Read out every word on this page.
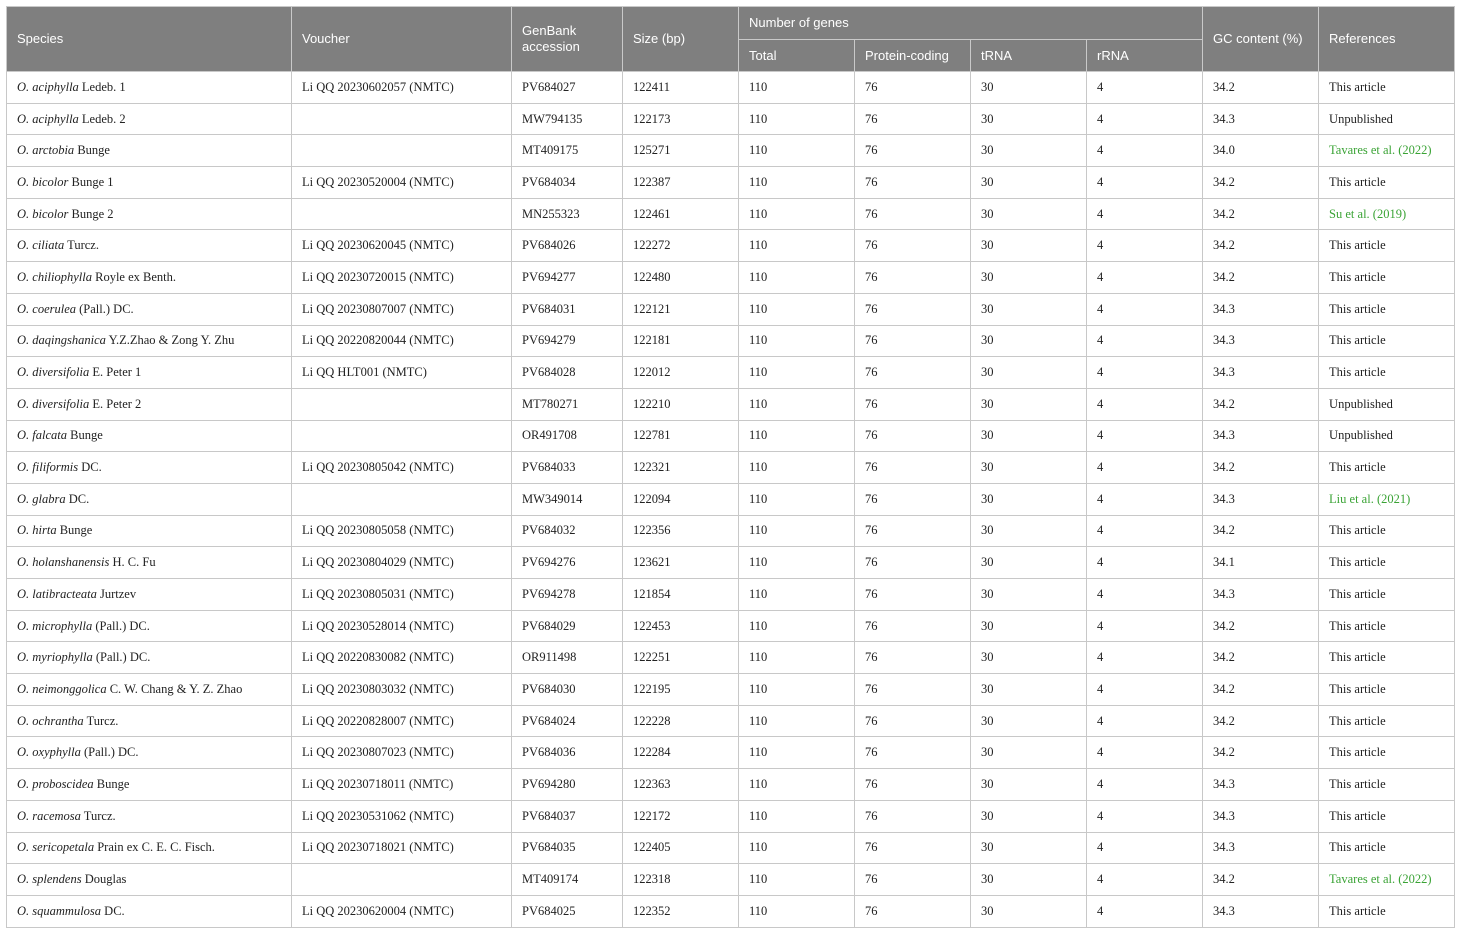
Species	Voucher	GenBank accession	Size (bp)	Number of genes				GC content (%)	References
				Total	Protein-coding	tRNA	rRNA		
O. aciphylla Ledeb. 1	Li QQ 20230602057 (NMTC)	PV684027	122411	110	76	30	4	34.2	This article
O. aciphylla Ledeb. 2		MW794135	122173	110	76	30	4	34.3	Unpublished
O. arctobia Bunge		MT409175	125271	110	76	30	4	34.0	Tavares et al. (2022)
O. bicolor Bunge 1	Li QQ 20230520004 (NMTC)	PV684034	122387	110	76	30	4	34.2	This article
O. bicolor Bunge 2		MN255323	122461	110	76	30	4	34.2	Su et al. (2019)
O. ciliata Turcz.	Li QQ 20230620045 (NMTC)	PV684026	122272	110	76	30	4	34.2	This article
O. chiliophylla Royle ex Benth.	Li QQ 20230720015 (NMTC)	PV694277	122480	110	76	30	4	34.2	This article
O. coerulea (Pall.) DC.	Li QQ 20230807007 (NMTC)	PV684031	122121	110	76	30	4	34.3	This article
O. daqingshanica Y.Z.Zhao & Zong Y. Zhu	Li QQ 20220820044 (NMTC)	PV694279	122181	110	76	30	4	34.3	This article
O. diversifolia E. Peter 1	Li QQ HLT001 (NMTC)	PV684028	122012	110	76	30	4	34.3	This article
O. diversifolia E. Peter 2		MT780271	122210	110	76	30	4	34.2	Unpublished
O. falcata Bunge		OR491708	122781	110	76	30	4	34.3	Unpublished
O. filiformis DC.	Li QQ 20230805042 (NMTC)	PV684033	122321	110	76	30	4	34.2	This article
O. glabra DC.		MW349014	122094	110	76	30	4	34.3	Liu et al. (2021)
O. hirta Bunge	Li QQ 20230805058 (NMTC)	PV684032	122356	110	76	30	4	34.2	This article
O. holanshanensis H. C. Fu	Li QQ 20230804029 (NMTC)	PV694276	123621	110	76	30	4	34.1	This article
O. latibracteata Jurtzev	Li QQ 20230805031 (NMTC)	PV694278	121854	110	76	30	4	34.3	This article
O. microphylla (Pall.) DC.	Li QQ 20230528014 (NMTC)	PV684029	122453	110	76	30	4	34.2	This article
O. myriophylla (Pall.) DC.	Li QQ 20220830082 (NMTC)	OR911498	122251	110	76	30	4	34.2	This article
O. neimonggolica C. W. Chang & Y. Z. Zhao	Li QQ 20230803032 (NMTC)	PV684030	122195	110	76	30	4	34.2	This article
O. ochrantha Turcz.	Li QQ 20220828007 (NMTC)	PV684024	122228	110	76	30	4	34.2	This article
O. oxyphylla (Pall.) DC.	Li QQ 20230807023 (NMTC)	PV684036	122284	110	76	30	4	34.2	This article
O. proboscidea Bunge	Li QQ 20230718011 (NMTC)	PV694280	122363	110	76	30	4	34.3	This article
O. racemosa Turcz.	Li QQ 20230531062 (NMTC)	PV684037	122172	110	76	30	4	34.3	This article
O. sericopetala Prain ex C. E. C. Fisch.	Li QQ 20230718021 (NMTC)	PV684035	122405	110	76	30	4	34.3	This article
O. splendens Douglas		MT409174	122318	110	76	30	4	34.2	Tavares et al. (2022)
O. squammulosa DC.	Li QQ 20230620004 (NMTC)	PV684025	122352	110	76	30	4	34.3	This article
